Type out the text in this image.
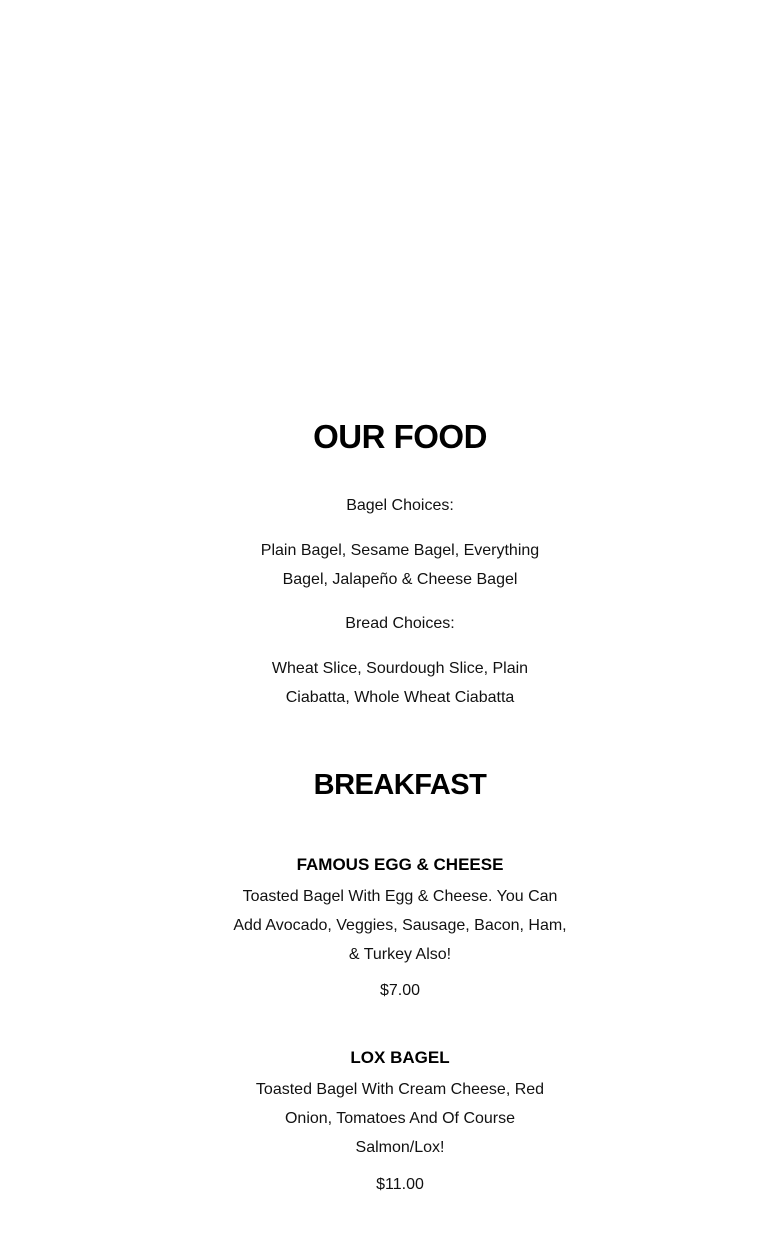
OUR FOOD

Bagel Choices:

Plain Bagel, Sesame Bagel, Everything Bagel, Jalapeño & Cheese Bagel

Bread Choices:

Wheat Slice, Sourdough Slice, Plain Ciabatta, Whole Wheat Ciabatta

BREAKFAST
FAMOUS EGG & CHEESE

Toasted Bagel With Egg & Cheese. You Can Add Avocado, Veggies, Sausage, Bacon, Ham, & Turkey Also!

$7.00

LOX BAGEL

Toasted Bagel With Cream Cheese, Red Onion, Tomatoes And Of Course Salmon/Lox!

$11.00
